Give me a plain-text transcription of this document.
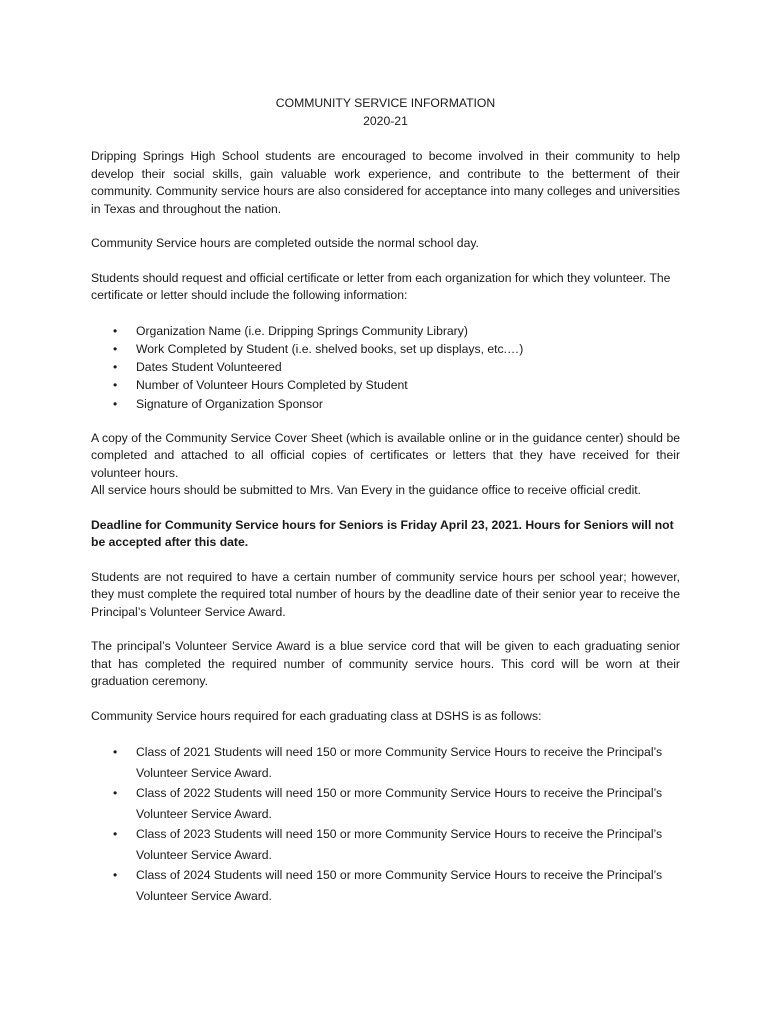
COMMUNITY SERVICE INFORMATION
2020-21

Dripping Springs High School students are encouraged to become involved in their community to help develop their social skills, gain valuable work experience, and contribute to the betterment of their community. Community service hours are also considered for acceptance into many colleges and universities in Texas and throughout the nation.

Community Service hours are completed outside the normal school day.

Students should request and official certificate or letter from each organization for which they volunteer. The certificate or letter should include the following information:

• Organization Name (i.e. Dripping Springs Community Library)
• Work Completed by Student (i.e. shelved books, set up displays, etc.…)
• Dates Student Volunteered
• Number of Volunteer Hours Completed by Student
• Signature of Organization Sponsor

A copy of the Community Service Cover Sheet (which is available online or in the guidance center) should be completed and attached to all official copies of certificates or letters that they have received for their volunteer hours.

All service hours should be submitted to Mrs. Van Every in the guidance office to receive official credit.

Deadline for Community Service hours for Seniors is Friday April 23, 2021. Hours for Seniors will not be accepted after this date.

Students are not required to have a certain number of community service hours per school year; however, they must complete the required total number of hours by the deadline date of their senior year to receive the Principal’s Volunteer Service Award.

The principal’s Volunteer Service Award is a blue service cord that will be given to each graduating senior that has completed the required number of community service hours. This cord will be worn at their graduation ceremony.

Community Service hours required for each graduating class at DSHS is as follows:

• Class of 2021 Students will need 150 or more Community Service Hours to receive the Principal’s Volunteer Service Award.
• Class of 2022 Students will need 150 or more Community Service Hours to receive the Principal’s Volunteer Service Award.
• Class of 2023 Students will need 150 or more Community Service Hours to receive the Principal’s Volunteer Service Award.
• Class of 2024 Students will need 150 or more Community Service Hours to receive the Principal’s Volunteer Service Award.
